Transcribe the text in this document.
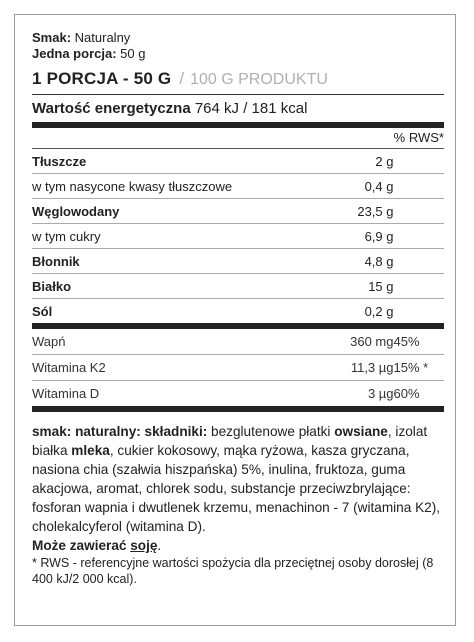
Smak: Naturalny
Jedna porcja: 50 g
1 PORCJA - 50 G / 100 G PRODUKTU
Wartość energetyczna 764 kJ / 181 kcal
% RWS*
Tłuszcze	2 g	
w tym nasycone kwasy tłuszczowe	0,4 g	
Węglowodany	23,5 g	
w tym cukry	6,9 g	
Błonnik	4,8 g	
Białko	15 g	
Sól	0,2 g	
Wapń	360 mg	45%
Witamina K2	11,3 µg	15% *
Witamina D	3 µg	60%
smak: naturalny: składniki: bezglutenowe płatki owsiane, izolat białka mleka, cukier kokosowy, mąka ryżowa, kasza gryczana, nasiona chia (szałwia hiszpańska) 5%, inulina, fruktoza, guma akacjowa, aromat, chlorek sodu, substancje przeciwzbrylające: fosforan wapnia i dwutlenek krzemu, menachinon - 7 (witamina K2), cholekalcyferol (witamina D).
Może zawierać soję.
* RWS - referencyjne wartości spożycia dla przeciętnej osoby dorosłej (8 400 kJ/2 000 kcal).
